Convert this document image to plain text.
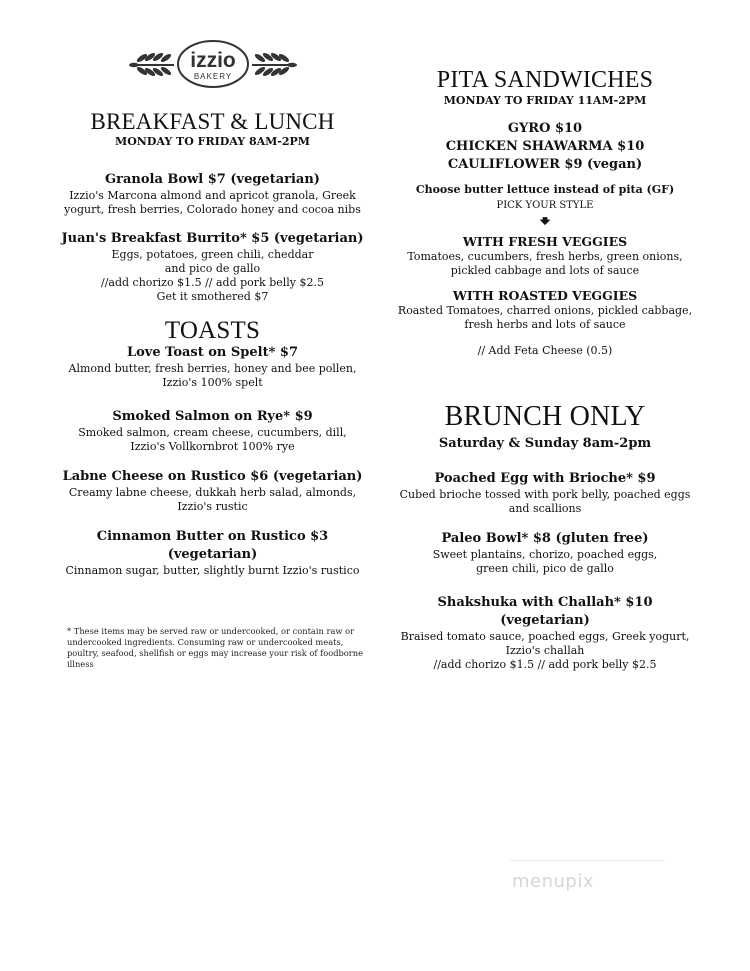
izzio
BAKERY
BREAKFAST & LUNCH
MONDAY TO FRIDAY 8AM-2PM
Granola Bowl $7 (vegetarian)
Izzio's Marcona almond and apricot granola, Greek
yogurt, fresh berries, Colorado honey and cocoa nibs
Juan's Breakfast Burrito* $5 (vegetarian)
Eggs, potatoes, green chili, cheddar
and pico de gallo
//add chorizo $1.5 // add pork belly $2.5
Get it smothered $7
TOASTS
Love Toast on Spelt* $7
Almond butter, fresh berries, honey and bee pollen,
Izzio's 100% spelt
Smoked Salmon on Rye* $9
Smoked salmon, cream cheese, cucumbers, dill,
Izzio's Vollkornbrot 100% rye
Labne Cheese on Rustico $6 (vegetarian)
Creamy labne cheese, dukkah herb salad, almonds,
Izzio's rustic
Cinnamon Butter on Rustico $3
(vegetarian)
Cinnamon sugar, butter, slightly burnt Izzio's rustico
* These items may be served raw or undercooked, or contain raw or undercooked ingredients. Consuming raw or undercooked meats, poultry, seafood, shellfish or eggs may increase your risk of foodborne illness
PITA SANDWICHES
MONDAY TO FRIDAY 11AM-2PM
GYRO $10
CHICKEN SHAWARMA $10
CAULIFLOWER $9 (vegan)
Choose butter lettuce instead of pita (GF)
PICK YOUR STYLE
🠻
WITH FRESH VEGGIES
Tomatoes, cucumbers, fresh herbs, green onions,
pickled cabbage and lots of sauce
WITH ROASTED VEGGIES
Roasted Tomatoes, charred onions, pickled cabbage,
fresh herbs and lots of sauce
// Add Feta Cheese (0.5)
BRUNCH ONLY
Saturday & Sunday 8am-2pm
Poached Egg with Brioche* $9
Cubed brioche tossed with pork belly, poached eggs
and scallions
Paleo Bowl* $8 (gluten free)
Sweet plantains, chorizo, poached eggs,
green chili, pico de gallo
Shakshuka with Challah* $10 (vegetarian)
Braised tomato sauce, poached eggs, Greek yogurt,
Izzio's challah
//add chorizo $1.5 // add pork belly $2.5
menupix
